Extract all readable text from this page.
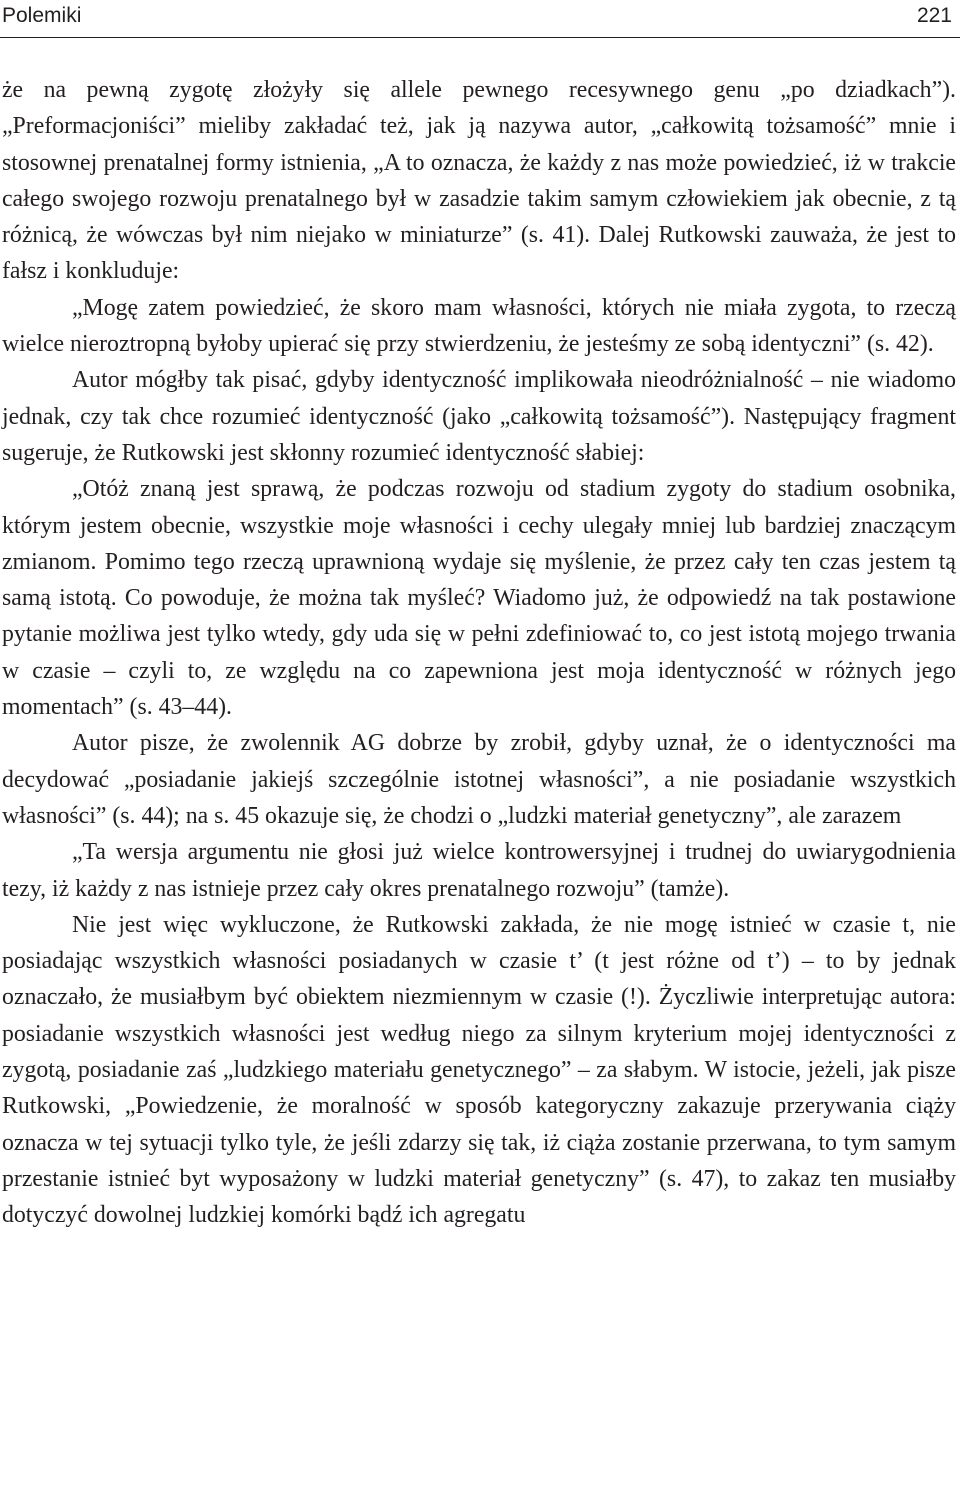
Polemiki	221

że na pewną zygotę złożyły się allele pewnego recesywnego genu „po dziadkach”). „Preformacjoniści” mieliby zakładać też, jak ją nazywa autor, „całkowitą tożsamość” mnie i stosownej prenatalnej formy istnienia, „A to oznacza, że każdy z nas może powiedzieć, iż w trakcie całego swojego rozwoju prenatalnego był w zasadzie takim samym człowiekiem jak obecnie, z tą różnicą, że wówczas był nim niejako w miniaturze” (s. 41). Dalej Rutkowski zauważa, że jest to fałsz i konkluduje:

„Mogę zatem powiedzieć, że skoro mam własności, których nie miała zygota, to rzeczą wielce nieroztropną byłoby upierać się przy stwierdzeniu, że jesteśmy ze sobą identyczni” (s. 42).

Autor mógłby tak pisać, gdyby identyczność implikowała nieodróżnialność – nie wiadomo jednak, czy tak chce rozumieć identyczność (jako „całkowitą tożsamość”). Następujący fragment sugeruje, że Rutkowski jest skłonny rozumieć identyczność słabiej:

„Otóż znaną jest sprawą, że podczas rozwoju od stadium zygoty do stadium osobnika, którym jestem obecnie, wszystkie moje własności i cechy ulegały mniej lub bardziej znaczącym zmianom. Pomimo tego rzeczą uprawnioną wydaje się myślenie, że przez cały ten czas jestem tą samą istotą. Co powoduje, że można tak myśleć? Wiadomo już, że odpowiedź na tak postawione pytanie możliwa jest tylko wtedy, gdy uda się w pełni zdefiniować to, co jest istotą mojego trwania w czasie – czyli to, ze względu na co zapewniona jest moja identyczność w różnych jego momentach” (s. 43–44).

Autor pisze, że zwolennik AG dobrze by zrobił, gdyby uznał, że o identyczności ma decydować „posiadanie jakiejś szczególnie istotnej własności”, a nie posiadanie wszystkich własności” (s. 44); na s. 45 okazuje się, że chodzi o „ludzki materiał genetyczny”, ale zarazem

„Ta wersja argumentu nie głosi już wielce kontrowersyjnej i trudnej do uwiarygodnienia tezy, iż każdy z nas istnieje przez cały okres prenatalnego rozwoju” (tamże).

Nie jest więc wykluczone, że Rutkowski zakłada, że nie mogę istnieć w czasie t, nie posiadając wszystkich własności posiadanych w czasie t’ (t jest różne od t’) – to by jednak oznaczało, że musiałbym być obiektem niezmiennym w czasie (!). Życzliwie interpretując autora: posiadanie wszystkich własności jest według niego za silnym kryterium mojej identyczności z zygotą, posiadanie zaś „ludzkiego materiału genetycznego” – za słabym. W istocie, jeżeli, jak pisze Rutkowski, „Powiedzenie, że moralność w sposób kategoryczny zakazuje przerywania ciąży oznacza w tej sytuacji tylko tyle, że jeśli zdarzy się tak, iż ciąża zostanie przerwana, to tym samym przestanie istnieć byt wyposażony w ludzki materiał genetyczny” (s. 47), to zakaz ten musiałby dotyczyć dowolnej ludzkiej komórki bądź ich agregatu
